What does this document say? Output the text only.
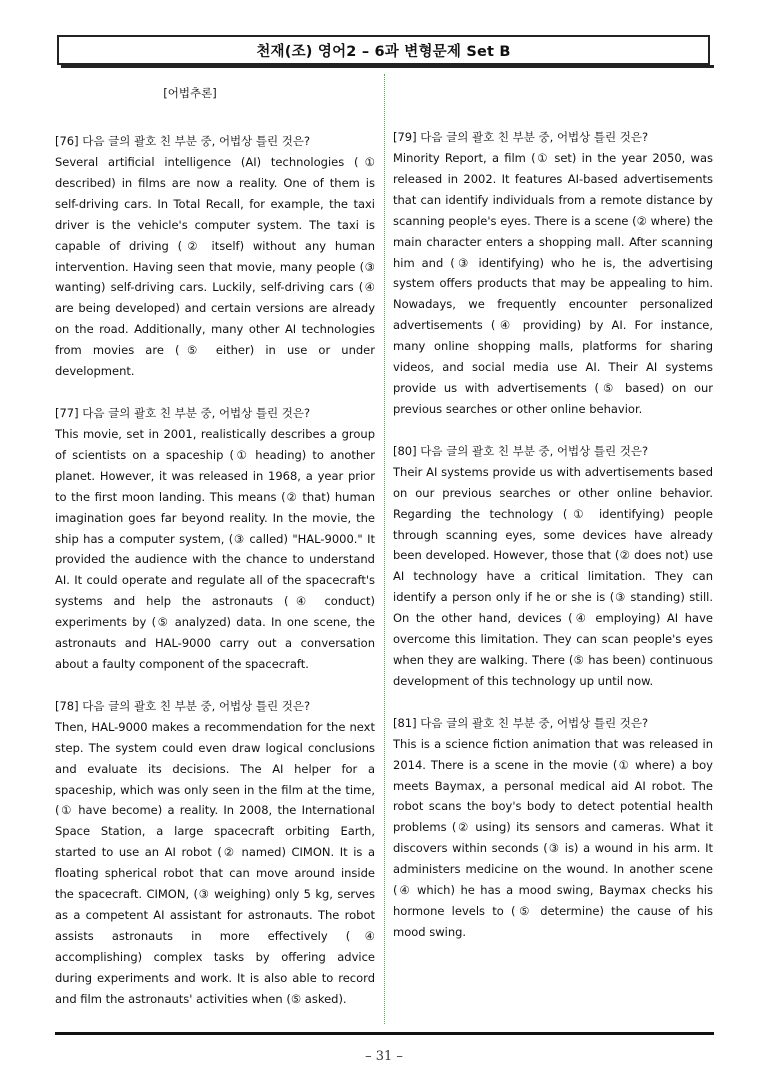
천재(조) 영어2 – 6과 변형문제 Set B
[어법추론]
[76] 다음 글의 괄호 친 부분 중, 어법상 틀린 것은?

Several artificial intelligence (AI) technologies (① described) in films are now a reality. One of them is self-driving cars. In Total Recall, for example, the taxi driver is the vehicle's computer system. The taxi is capable of driving (② itself) without any human intervention. Having seen that movie, many people (③ wanting) self-driving cars. Luckily, self-driving cars (④ are being developed) and certain versions are already on the road. Additionally, many other AI technologies from movies are (⑤ either) in use or under development.

[77] 다음 글의 괄호 친 부분 중, 어법상 틀린 것은?

This movie, set in 2001, realistically describes a group of scientists on a spaceship (① heading) to another planet. However, it was released in 1968, a year prior to the first moon landing. This means (② that) human imagination goes far beyond reality. In the movie, the ship has a computer system, (③ called) "HAL-9000." It provided the audience with the chance to understand AI. It could operate and regulate all of the spacecraft's systems and help the astronauts (④ conduct) experiments by (⑤ analyzed) data. In one scene, the astronauts and HAL-9000 carry out a conversation about a faulty component of the spacecraft.

[78] 다음 글의 괄호 친 부분 중, 어법상 틀린 것은?

Then, HAL-9000 makes a recommendation for the next step. The system could even draw logical conclusions and evaluate its decisions. The AI helper for a spaceship, which was only seen in the film at the time, (① have become) a reality. In 2008, the International Space Station, a large spacecraft orbiting Earth, started to use an AI robot (② named) CIMON. It is a floating spherical robot that can move around inside the spacecraft. CIMON, (③ weighing) only 5 kg, serves as a competent AI assistant for astronauts. The robot assists astronauts in more effectively (④ accomplishing) complex tasks by offering advice during experiments and work. It is also able to record and film the astronauts' activities when (⑤ asked).

[79] 다음 글의 괄호 친 부분 중, 어법상 틀린 것은?

Minority Report, a film (① set) in the year 2050, was released in 2002. It features AI-based advertisements that can identify individuals from a remote distance by scanning people's eyes. There is a scene (② where) the main character enters a shopping mall. After scanning him and (③ identifying) who he is, the advertising system offers products that may be appealing to him. Nowadays, we frequently encounter personalized advertisements (④ providing) by AI. For instance, many online shopping malls, platforms for sharing videos, and social media use AI. Their AI systems provide us with advertisements (⑤ based) on our previous searches or other online behavior.

[80] 다음 글의 괄호 친 부분 중, 어법상 틀린 것은?

Their AI systems provide us with advertisements based on our previous searches or other online behavior. Regarding the technology (① identifying) people through scanning eyes, some devices have already been developed. However, those that (② does not) use AI technology have a critical limitation. They can identify a person only if he or she is (③ standing) still. On the other hand, devices (④ employing) AI have overcome this limitation. They can scan people's eyes when they are walking. There (⑤ has been) continuous development of this technology up until now.

[81] 다음 글의 괄호 친 부분 중, 어법상 틀린 것은?

This is a science fiction animation that was released in 2014. There is a scene in the movie (① where) a boy meets Baymax, a personal medical aid AI robot. The robot scans the boy's body to detect potential health problems (② using) its sensors and cameras. What it discovers within seconds (③ is) a wound in his arm. It administers medicine on the wound. In another scene (④ which) he has a mood swing, Baymax checks his hormone levels to (⑤ determine) the cause of his mood swing.

– 31 –
